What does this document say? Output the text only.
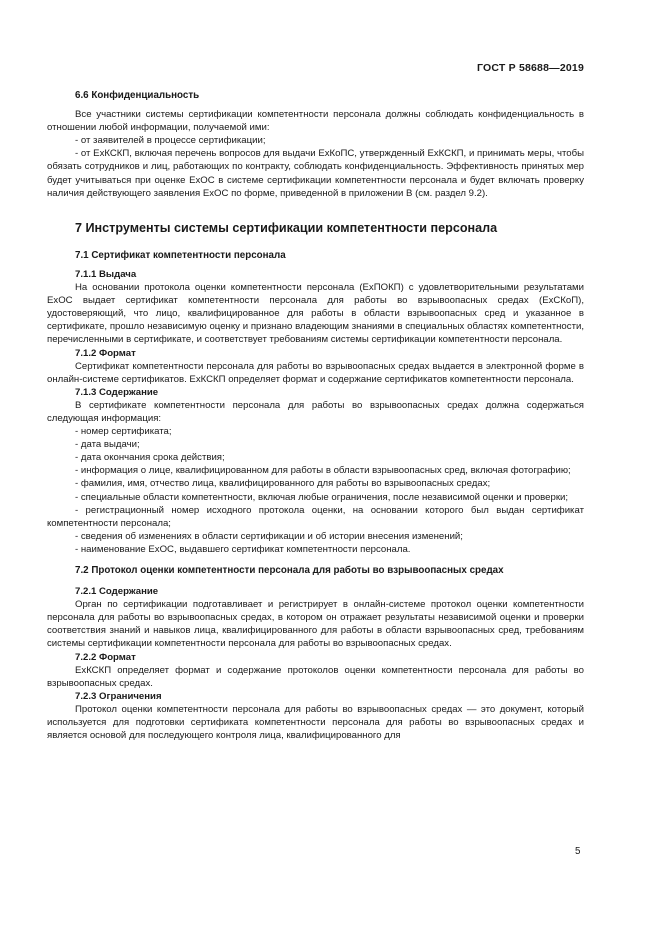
ГОСТ Р 58688—2019

6.6 Конфиденциальность

Все участники системы сертификации компетентности персонала должны соблюдать конфиденциальность в отношении любой информации, получаемой ими:

- от заявителей в процессе сертификации;

- от ЕхКСКП, включая перечень вопросов для выдачи ЕхКоПС, утвержденный ЕхКСКП, и принимать меры, чтобы обязать сотрудников и лиц, работающих по контракту, соблюдать конфиденциальность. Эффективность принятых мер будет учитываться при оценке ЕхОС в системе сертификации компетентности персонала и будет включать проверку наличия действующего заявления ЕхОС по форме, приведенной в приложении В (см. раздел 9.2).

7 Инструменты системы сертификации компетентности персонала

7.1 Сертификат компетентности персонала

7.1.1 Выдача

На основании протокола оценки компетентности персонала (ЕхПОКП) с удовлетворительными результатами ЕхОС выдает сертификат компетентности персонала для работы во взрывоопасных средах (ЕхСКоП), удостоверяющий, что лицо, квалифицированное для работы в области взрывоопасных сред и указанное в сертификате, прошло независимую оценку и признано владеющим знаниями в специальных областях компетентности, перечисленными в сертификате, и соответствует требованиям системы сертификации компетентности персонала.

7.1.2 Формат

Сертификат компетентности персонала для работы во взрывоопасных средах выдается в электронной форме в онлайн-системе сертификатов. ЕхКСКП определяет формат и содержание сертификатов компетентности персонала.

7.1.3 Содержание

В сертификате компетентности персонала для работы во взрывоопасных средах должна содержаться следующая информация:

- номер сертификата;

- дата выдачи;

- дата окончания срока действия;

- информация о лице, квалифицированном для работы в области взрывоопасных сред, включая фотографию;

- фамилия, имя, отчество лица, квалифицированного для работы во взрывоопасных средах;

- специальные области компетентности, включая любые ограничения, после независимой оценки и проверки;

- регистрационный номер исходного протокола оценки, на основании которого был выдан сертификат компетентности персонала;

- сведения об изменениях в области сертификации и об истории внесения изменений;

- наименование ЕхОС, выдавшего сертификат компетентности персонала.

7.2 Протокол оценки компетентности персонала для работы во взрывоопасных средах

7.2.1 Содержание

Орган по сертификации подготавливает и регистрирует в онлайн-системе протокол оценки компетентности персонала для работы во взрывоопасных средах, в котором он отражает результаты независимой оценки и проверки соответствия знаний и навыков лица, квалифицированного для работы в области взрывоопасных сред, требованиям системы сертификации компетентности персонала для работы во взрывоопасных средах.

7.2.2 Формат

ЕхКСКП определяет формат и содержание протоколов оценки компетентности персонала для работы во взрывоопасных средах.

7.2.3 Ограничения

Протокол оценки компетентности персонала для работы во взрывоопасных средах — это документ, который используется для подготовки сертификата компетентности персонала для работы во взрывоопасных средах и является основой для последующего контроля лица, квалифицированного для

5
